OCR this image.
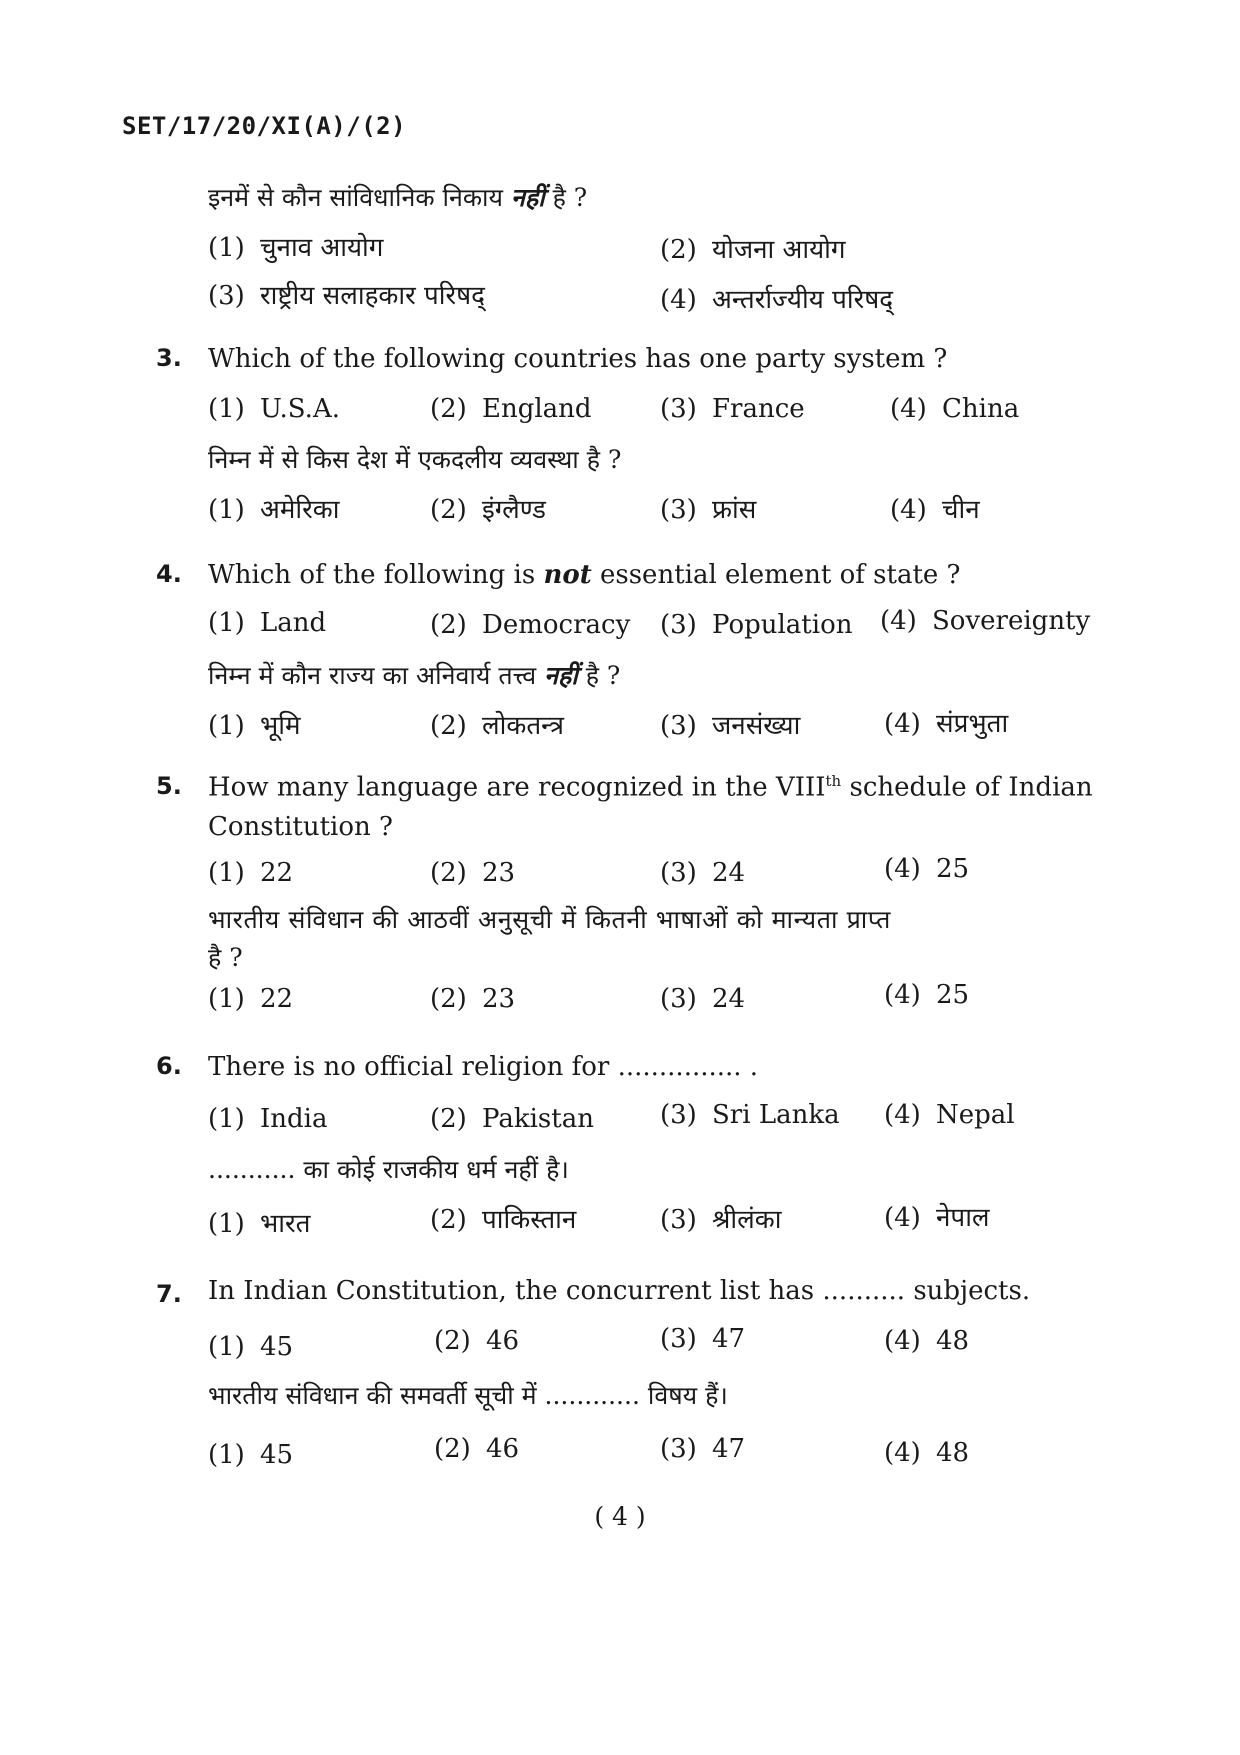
SET/17/20/XI(A)/(2)
इनमें से कौन सांविधानिक निकाय नहीं है ?
(1) चुनाव आयोग	(2) योजना आयोग
(3) राष्ट्रीय सलाहकार परिषद्	(4) अन्तर्राज्यीय परिषद्
3. Which of the following countries has one party system ?
(1) U.S.A.	(2) England	(3) France	(4) China
निम्न में से किस देश में एकदलीय व्यवस्था है ?
(1) अमेरिका	(2) इंग्लैण्ड	(3) फ्रांस	(4) चीन
4. Which of the following is not essential element of state ?
(1) Land	(2) Democracy (3) Population (4) Sovereignty
निम्न में कौन राज्य का अनिवार्य तत्त्व नहीं है ?
(1) भूमि	(2) लोकतन्त्र	(3) जनसंख्या	(4) संप्रभुता
5. How many language are recognized in the VIIIth schedule of Indian
Constitution ?
(1) 22	(2) 23	(3) 24	(4) 25
भारतीय संविधान की आठवीं अनुसूची में कितनी भाषाओं को मान्यता प्राप्त
है ?
(1) 22	(2) 23	(3) 24	(4) 25
6. There is no official religion for ............... .
(1) India	(2) Pakistan	(3) Sri Lanka (4) Nepal
........... का कोई राजकीय धर्म नहीं है।
(1) भारत	(2) पाकिस्तान	(3) श्रीलंका	(4) नेपाल
7. In Indian Constitution, the concurrent list has .......... subjects.
(1) 45	(2) 46	(3) 47	(4) 48
भारतीय संविधान की समवर्ती सूची में ............ विषय हैं।
(1) 45	(2) 46	(3) 47	(4) 48
( 4 )
